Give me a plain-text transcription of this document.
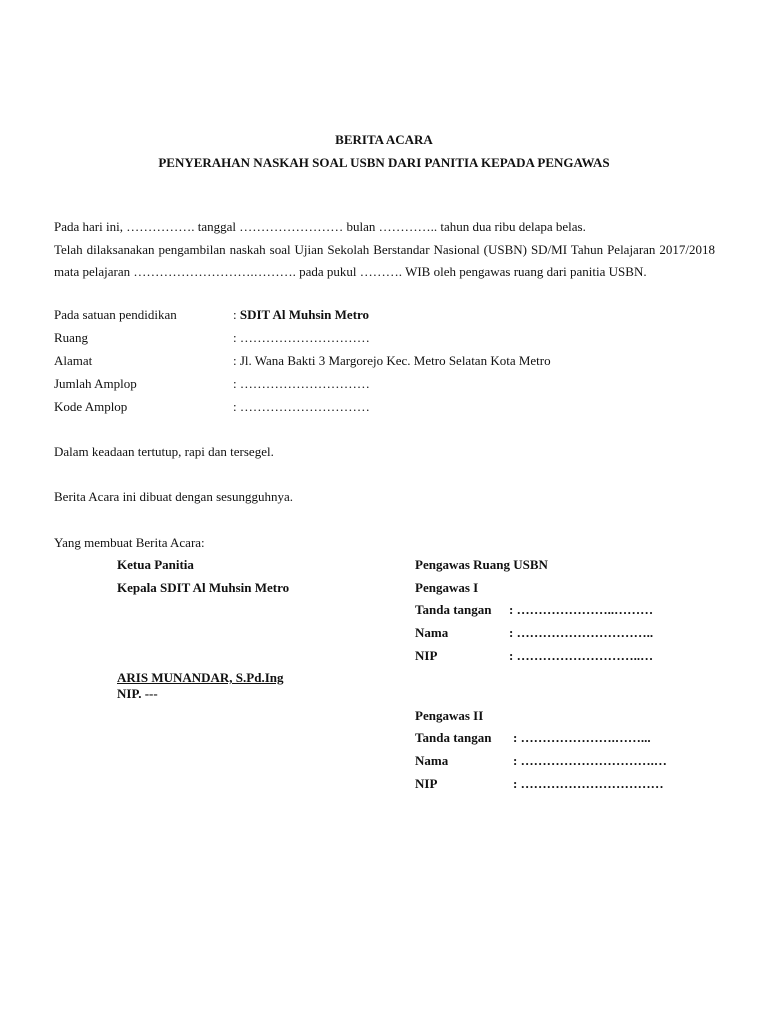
BERITA ACARA
PENYERAHAN NASKAH SOAL USBN DARI PANITIA KEPADA PENGAWAS
Pada hari ini, ……………. tanggal …………………… bulan ………….. tahun dua ribu delapa belas.
Telah dilaksanakan pengambilan naskah soal Ujian Sekolah Berstandar Nasional (USBN) SD/MI Tahun Pelajaran 2017/2018 mata pelajaran ……………………….………. pada pukul ………. WIB oleh pengawas ruang dari panitia USBN.
Pada satuan pendidikan	: SDIT Al Muhsin Metro
Ruang	: …………………………
Alamat	: Jl. Wana Bakti 3 Margorejo Kec. Metro Selatan Kota Metro
Jumlah Amplop	: …………………………
Kode Amplop	: …………………………
Dalam keadaan tertutup, rapi dan tersegel.
Berita Acara ini dibuat dengan sesungguhnya.
Yang membuat Berita Acara:
Ketua Panitia
Kepala SDIT Al Muhsin Metro
ARIS MUNANDAR, S.Pd.Ing
NIP. ---
Pengawas Ruang USBN
Pengawas I
Tanda tangan : …………………..………
Nama	: …………………………..
NIP	: ………………………..…
Pengawas II
Tanda tangan : ………………….……...
Nama	: ………………………….…
NIP	: ……………………………
